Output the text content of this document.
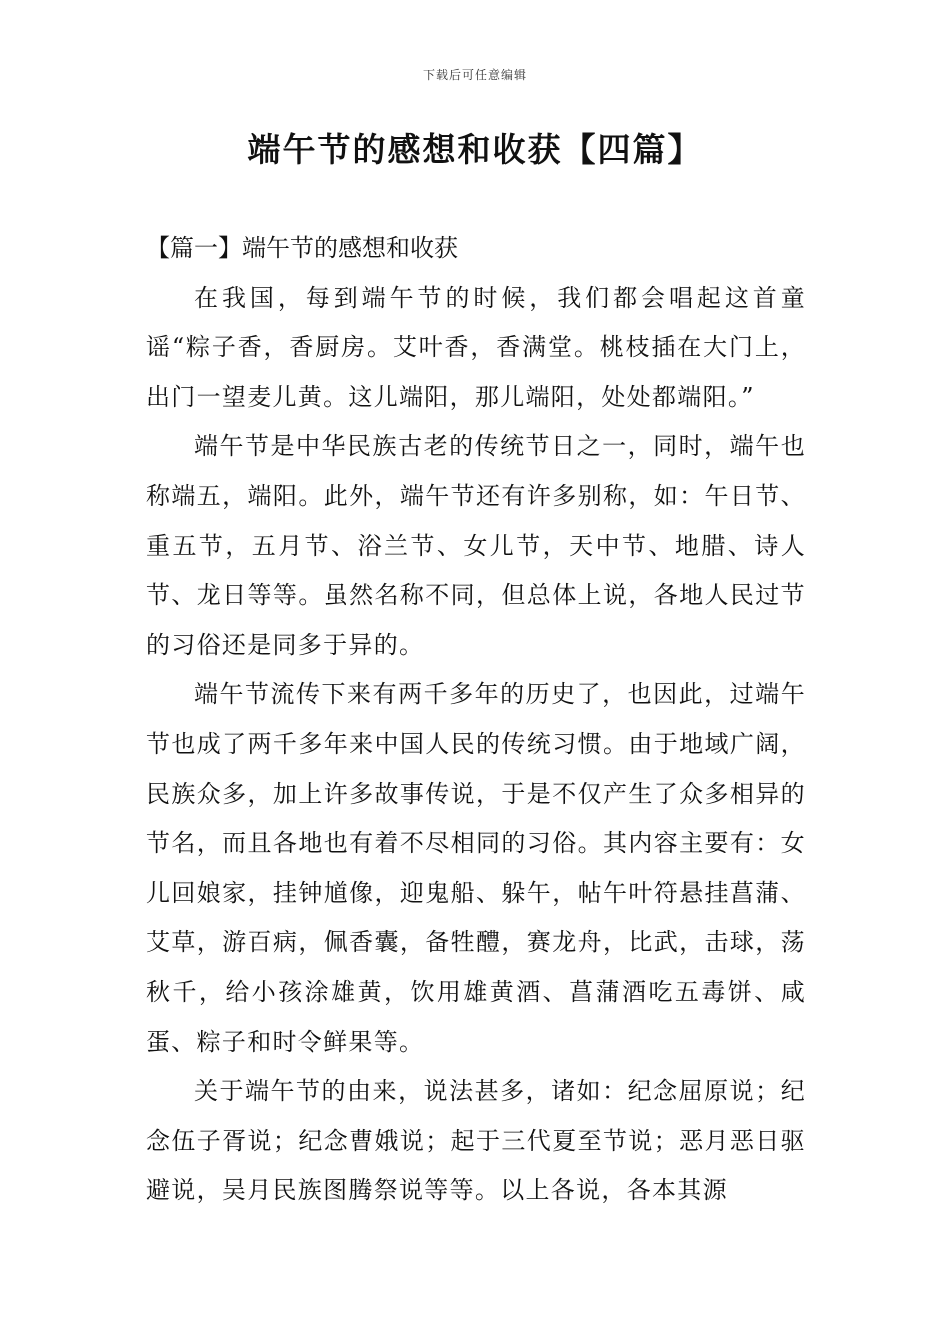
下载后可任意编辑
端午节的感想和收获【四篇】
【篇一】端午节的感想和收获

在我国，每到端午节的时候，我们都会唱起这首童谣“粽子香，香厨房。艾叶香，香满堂。桃枝插在大门上，出门一望麦儿黄。这儿端阳，那儿端阳，处处都端阳。”

端午节是中华民族古老的传统节日之一，同时，端午也称端五，端阳。此外，端午节还有许多别称，如：午日节、重五节，五月节、浴兰节、女儿节，天中节、地腊、诗人节、龙日等等。虽然名称不同，但总体上说，各地人民过节的习俗还是同多于异的。

端午节流传下来有两千多年的历史了，也因此，过端午节也成了两千多年来中国人民的传统习惯。由于地域广阔，民族众多，加上许多故事传说，于是不仅产生了众多相异的节名，而且各地也有着不尽相同的习俗。其内容主要有：女儿回娘家，挂钟馗像，迎鬼船、躲午，帖午叶符悬挂菖蒲、艾草，游百病，佩香囊，备牲醴，赛龙舟，比武，击球，荡秋千，给小孩涂雄黄，饮用雄黄酒、菖蒲酒吃五毒饼、咸蛋、粽子和时令鲜果等。

关于端午节的由来，说法甚多，诸如：纪念屈原说；纪念伍子胥说；纪念曹娥说；起于三代夏至节说；恶月恶日驱避说，吴月民族图腾祭说等等。以上各说，各本其源
